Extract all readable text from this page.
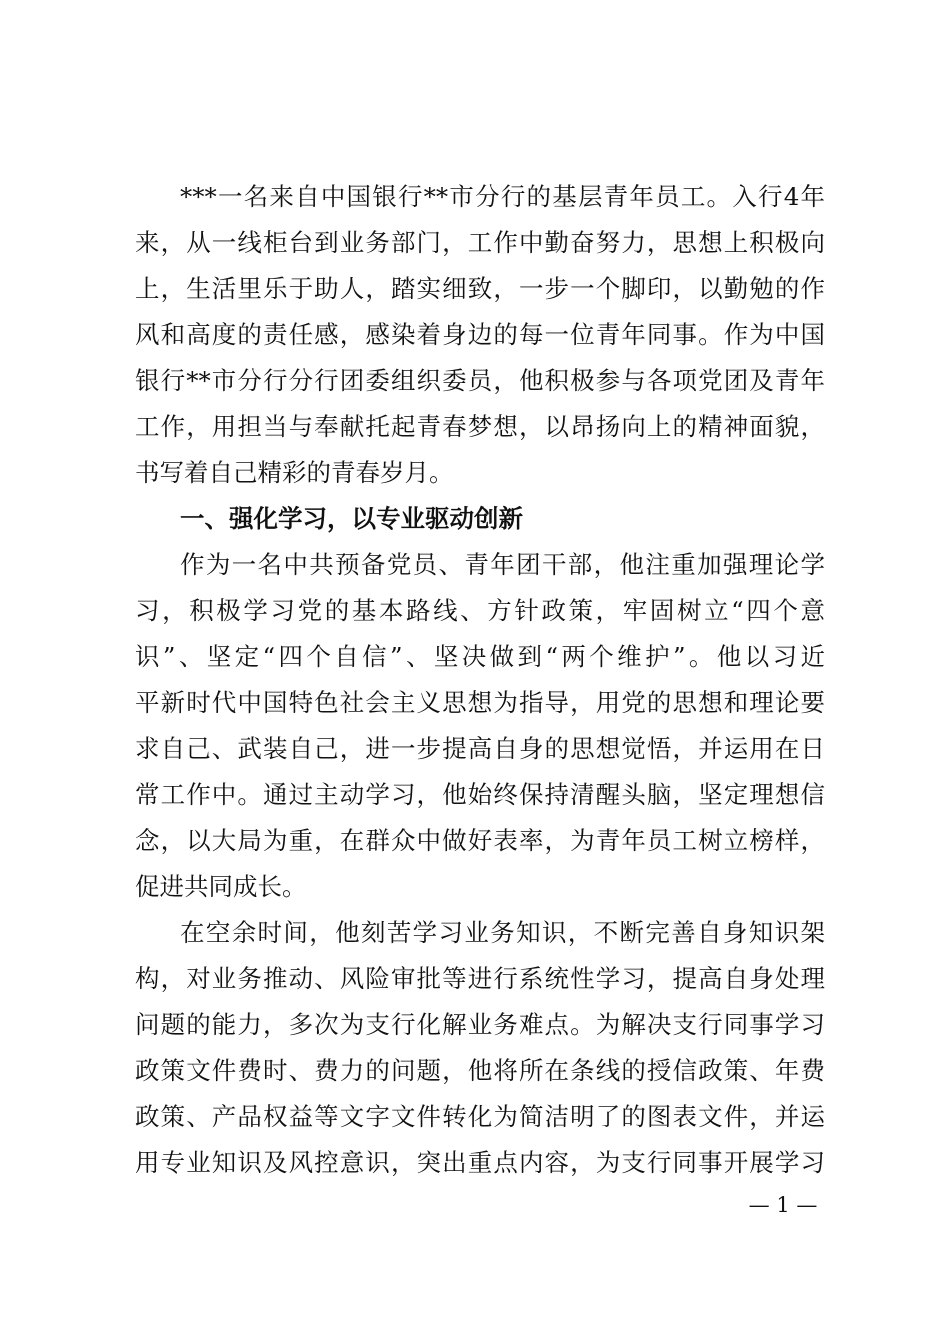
***一名来自中国银行**市分行的基层青年员工。入行4年
来，从一线柜台到业务部门，工作中勤奋努力，思想上积极向
上，生活里乐于助人，踏实细致，一步一个脚印，以勤勉的作
风和高度的责任感，感染着身边的每一位青年同事。作为中国
银行**市分行分行团委组织委员，他积极参与各项党团及青年
工作，用担当与奉献托起青春梦想，以昂扬向上的精神面貌，
书写着自己精彩的青春岁月。
一、强化学习，以专业驱动创新
作为一名中共预备党员、青年团干部，他注重加强理论学
习，积极学习党的基本路线、方针政策，牢固树立“四个意
识”、坚定“四个自信”、坚决做到“两个维护”。他以习近
平新时代中国特色社会主义思想为指导，用党的思想和理论要
求自己、武装自己，进一步提高自身的思想觉悟，并运用在日
常工作中。通过主动学习，他始终保持清醒头脑，坚定理想信
念，以大局为重，在群众中做好表率，为青年员工树立榜样，
促进共同成长。
在空余时间，他刻苦学习业务知识，不断完善自身知识架
构，对业务推动、风险审批等进行系统性学习，提高自身处理
问题的能力，多次为支行化解业务难点。为解决支行同事学习
政策文件费时、费力的问题，他将所在条线的授信政策、年费
政策、产品权益等文字文件转化为简洁明了的图表文件，并运
用专业知识及风控意识，突出重点内容，为支行同事开展学习
— 1 —
